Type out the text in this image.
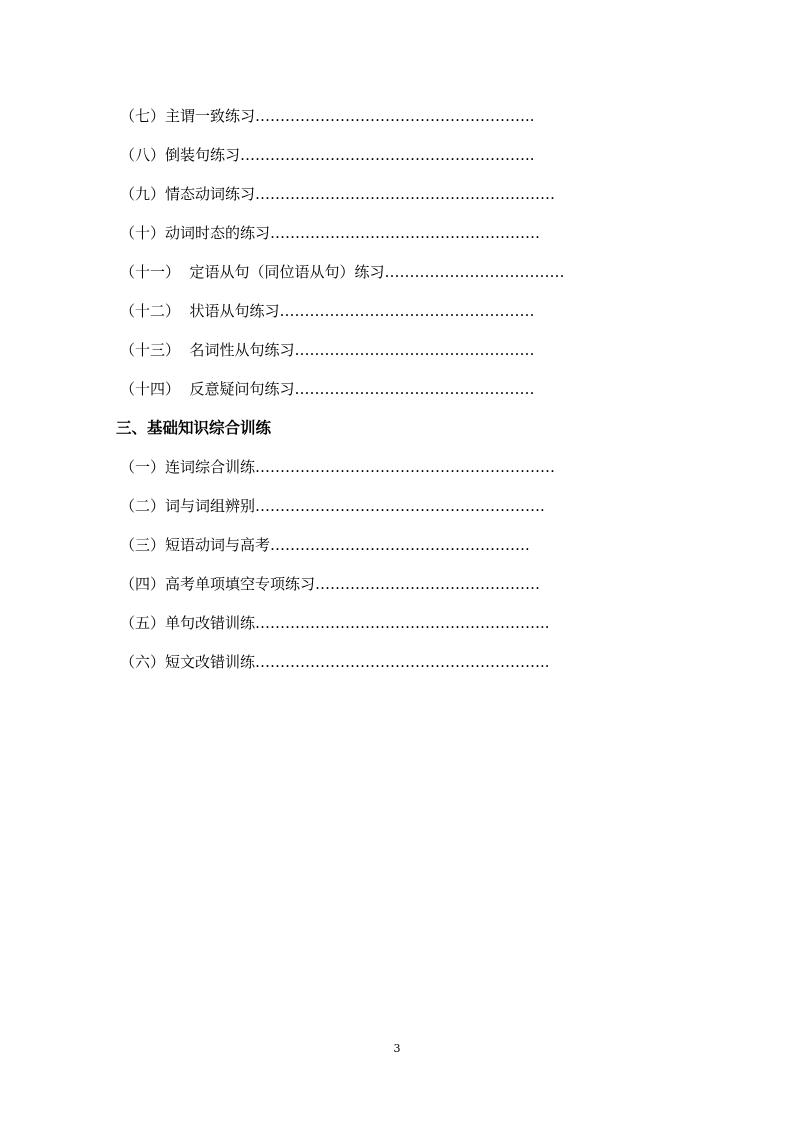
（七）主谓一致练习………………………………………………..
（八）倒装句练习…………………………………………………..
（九）情态动词练习……………………………………………………
（十）动词时态的练习………………………………………………
（十一）  定语从句（同位语从句）练习………………………………
（十二）  状语从句练习……………………………………………
（十三）  名词性从句练习…………………………………………
（十四）  反意疑问句练习…………………………………………
三、基础知识综合训练
（一）连词综合训练……………………………………………………
（二）词与词组辨别………………………………………………….
（三）短语动词与高考…………………………………………….
（四）高考单项填空专项练习………………………………………
（五）单句改错训练…………………………………………………..
（六）短文改错训练…………………………………………………..
3
